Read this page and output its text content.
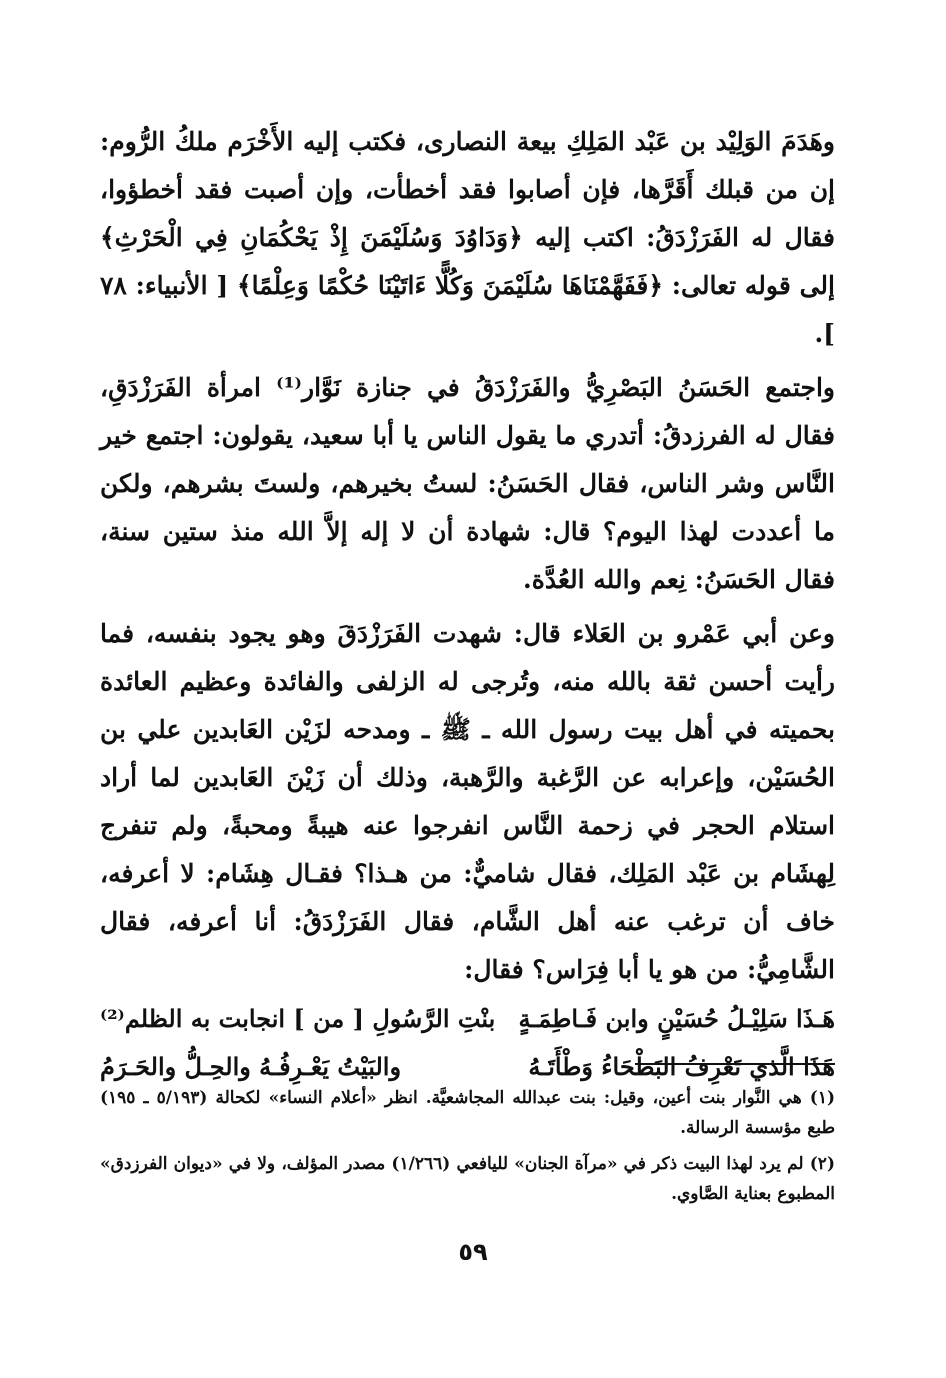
وهَدَمَ الوَلِيْد بن عَبْد المَلِكِ بيعة النصارى، فكتب إليه الأَخْرَم ملكُ الرُّوم: إن من قبلك أَقَرَّها، فإن أصابوا فقد أخطأت، وإن أصبت فقد أخطؤوا، فقال له الفَرَزْدَقُ: اكتب إليه ﴿وَدَاوُدَ وَسُلَيْمَنَ إِذْ يَحْكُمَانِ فِي الْحَرْثِ﴾ إلى قوله تعالى: ﴿فَفَهَّمْنَاهَا سُلَيْمَنَ وَكُلًّا ءَاتَيْنَا حُكْمًا وَعِلْمًا﴾ [ الأنبياء: ٧٨ ].

واجتمع الحَسَنُ البَصْرِيُّ والفَرَزْدَقُ في جنازة نَوَّار⁽¹⁾ امرأة الفَرَزْدَقِ، فقال له الفرزدقُ: أتدري ما يقول الناس يا أبا سعيد، يقولون: اجتمع خير النَّاس وشر الناس، فقال الحَسَنُ: لستُ بخيرهم، ولستَ بشرهم، ولكن ما أعددت لهذا اليوم؟ قال: شهادة أن لا إله إلاَّ الله منذ ستين سنة، فقال الحَسَنُ: نِعم والله العُدَّة.

وعن أبي عَمْرو بن العَلاء قال: شهدت الفَرَزْدَقَ وهو يجود بنفسه، فما رأيت أحسن ثقة بالله منه، وتُرجى له الزلفى والفائدة وعظيم العائدة بحميته في أهل بيت رسول الله ـ ﷺ ـ ومدحه لزَيْن العَابدين علي بن الحُسَيْن، وإعرابه عن الرَّغبة والرَّهبة، وذلك أن زَيْنَ العَابدين لما أراد استلام الحجر في زحمة النَّاس انفرجوا عنه هيبةً ومحبةً، ولم تنفرج لِهشَام بن عَبْد المَلِك، فقال شاميٌّ: من هـذا؟ فقـال هِشَام: لا أعرفه، خاف أن ترغب عنه أهل الشَّام، فقال الفَرَزْدَقُ: أنا أعرفه، فقال الشَّامِيُّ: من هو يا أبا فِرَاس؟ فقال:

هَـذَا سَلِيْـلُ حُسَيْنٍ وابن فَـاطِمَـةٍ
بنْتِ الرَّسُولِ [ من ] انجابت به الظلم⁽²⁾
هَذَا الَّذي تَعْرِفُ البَطْحَاءُ وَطْأَتَـهُ
والبَيْتُ يَعْـرِفُـهُ والحِـلُّ والحَـرَمُ

(١) هي النَّوار بنت أعين، وقيل: بنت عبدالله المجاشعيَّة. انظر «أعلام النساء» لكحالة (٥/١٩٣ ـ ١٩٥) طبع مؤسسة الرسالة.

(٢) لم يرد لهذا البيت ذكر في «مرآة الجنان» لليافعي (١/٢٦٦) مصدر المؤلف، ولا في «ديوان الفرزدق» المطبوع بعناية الصَّاوي.

٥٩
